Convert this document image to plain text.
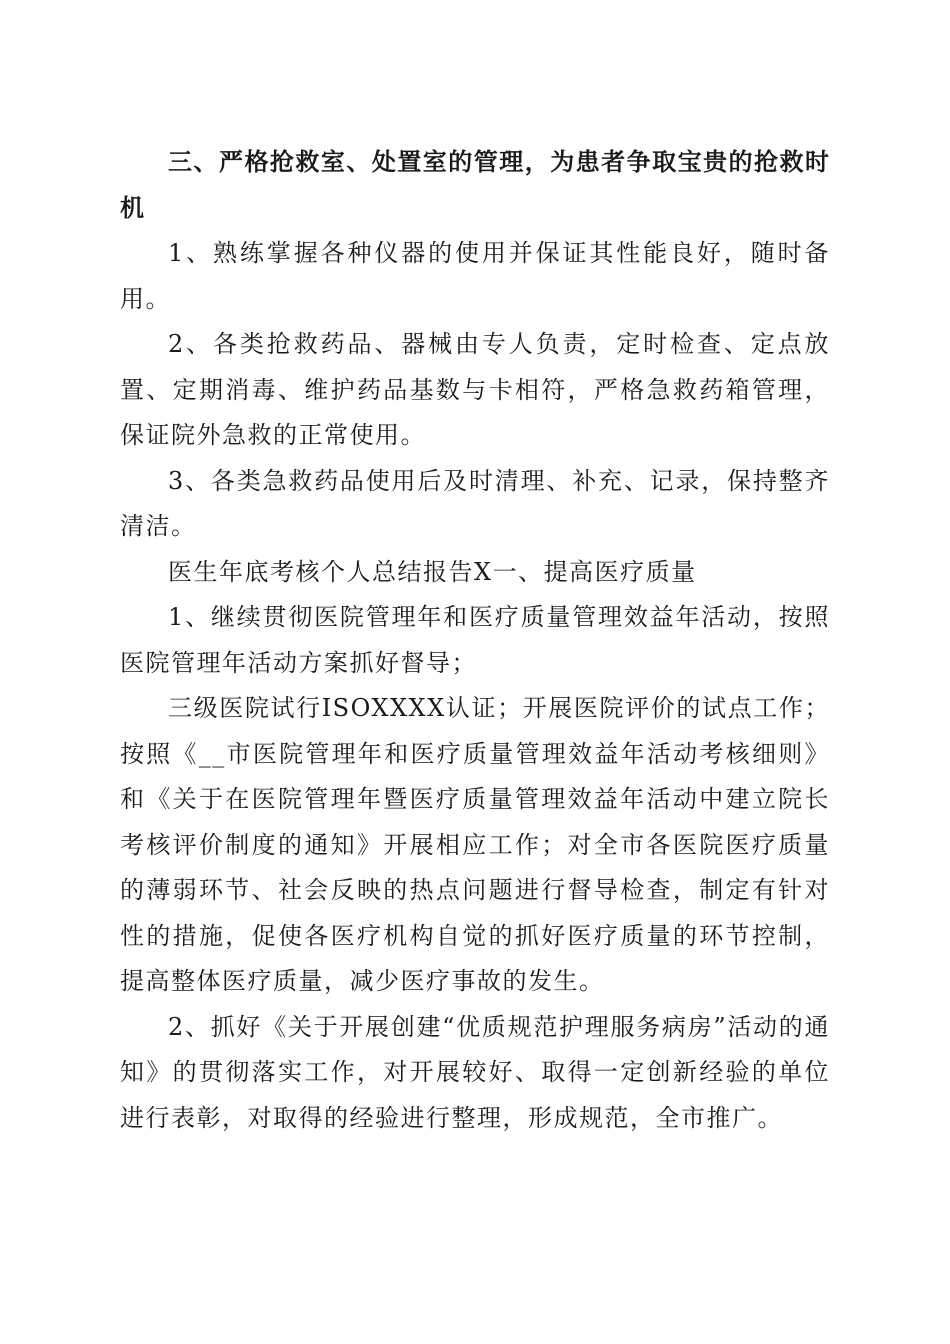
三、严格抢救室、处置室的管理，为患者争取宝贵的抢救时机

1、熟练掌握各种仪器的使用并保证其性能良好，随时备用。

2、各类抢救药品、器械由专人负责，定时检查、定点放置、定期消毒、维护药品基数与卡相符，严格急救药箱管理，保证院外急救的正常使用。

3、各类急救药品使用后及时清理、补充、记录，保持整齐清洁。

医生年底考核个人总结报告X一、提高医疗质量

1、继续贯彻医院管理年和医疗质量管理效益年活动，按照医院管理年活动方案抓好督导；

三级医院试行ISOXXXX认证；开展医院评价的试点工作；按照《__市医院管理年和医疗质量管理效益年活动考核细则》和《关于在医院管理年暨医疗质量管理效益年活动中建立院长考核评价制度的通知》开展相应工作；对全市各医院医疗质量的薄弱环节、社会反映的热点问题进行督导检查，制定有针对性的措施，促使各医疗机构自觉的抓好医疗质量的环节控制，提高整体医疗质量，减少医疗事故的发生。

2、抓好《关于开展创建“优质规范护理服务病房”活动的通知》的贯彻落实工作，对开展较好、取得一定创新经验的单位进行表彰，对取得的经验进行整理，形成规范，全市推广。
